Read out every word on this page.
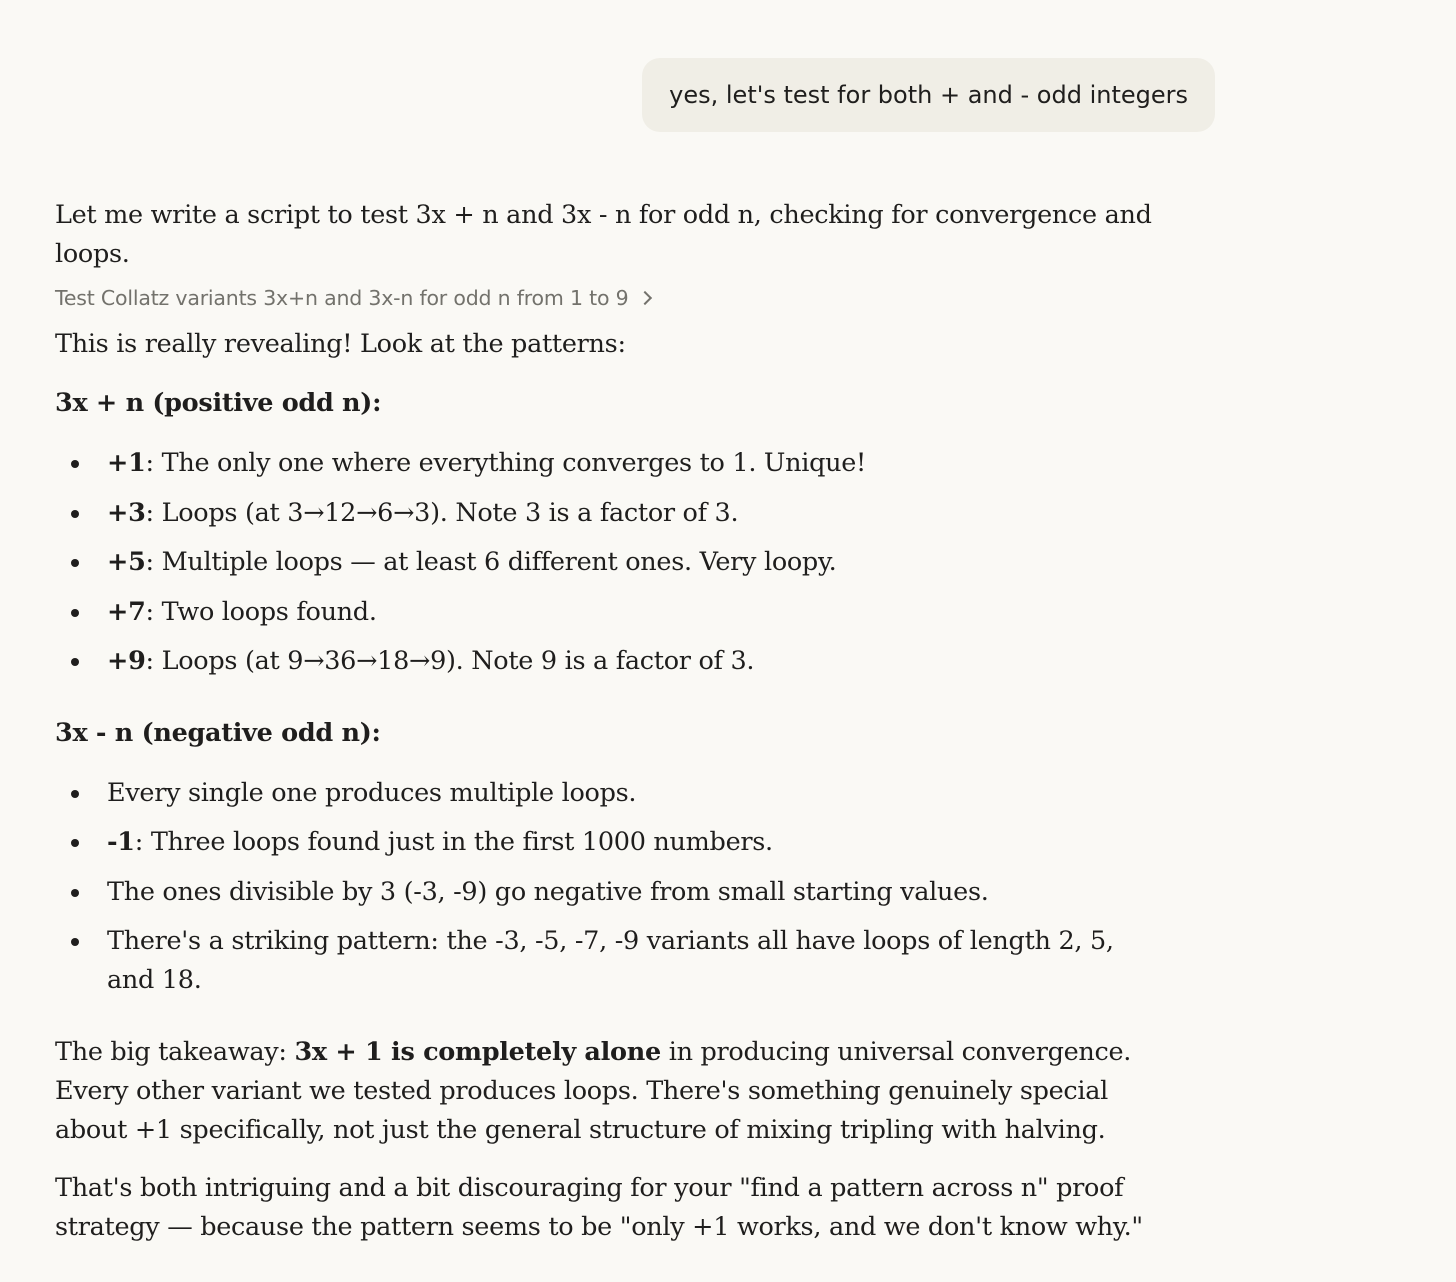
yes, let's test for both + and - odd integers

Let me write a script to test 3x + n and 3x - n for odd n, checking for convergence and loops.

Test Collatz variants 3x+n and 3x-n for odd n from 1 to 9

This is really revealing! Look at the patterns:

3x + n (positive odd n):

+1: The only one where everything converges to 1. Unique!
+3: Loops (at 3→12→6→3). Note 3 is a factor of 3.
+5: Multiple loops — at least 6 different ones. Very loopy.
+7: Two loops found.
+9: Loops (at 9→36→18→9). Note 9 is a factor of 3.

3x - n (negative odd n):

Every single one produces multiple loops.
-1: Three loops found just in the first 1000 numbers.
The ones divisible by 3 (-3, -9) go negative from small starting values.
There's a striking pattern: the -3, -5, -7, -9 variants all have loops of length 2, 5, and 18.

The big takeaway: 3x + 1 is completely alone in producing universal convergence. Every other variant we tested produces loops. There's something genuinely special about +1 specifically, not just the general structure of mixing tripling with halving.

That's both intriguing and a bit discouraging for your "find a pattern across n" proof strategy — because the pattern seems to be "only +1 works, and we don't know why."
